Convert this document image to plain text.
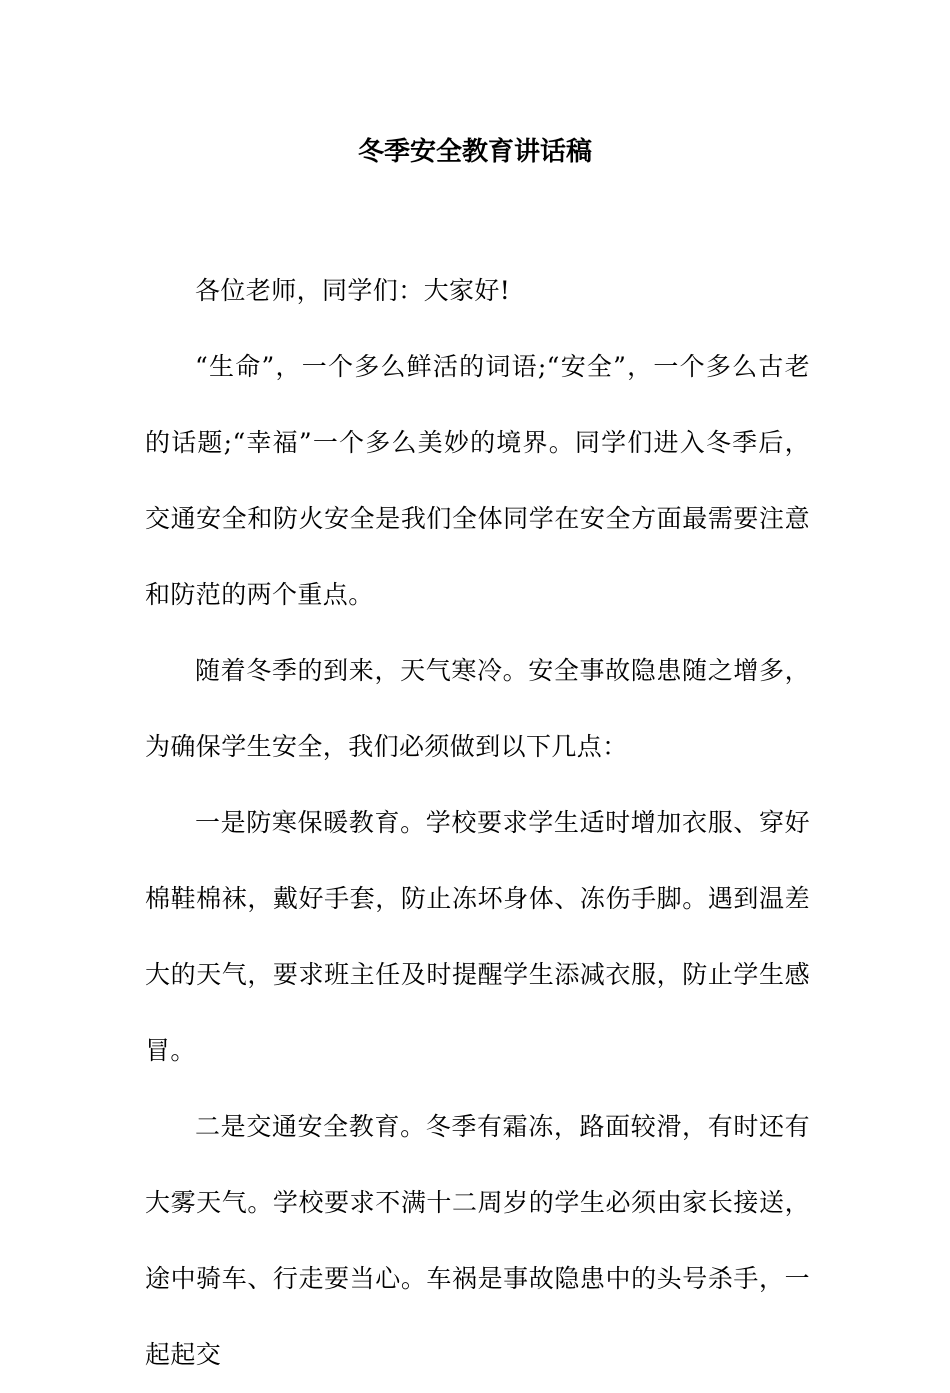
冬季安全教育讲话稿

各位老师，同学们：大家好!

“生命”，一个多么鲜活的词语;“安全”，一个多么古老的话题;“幸福”一个多么美妙的境界。同学们进入冬季后，交通安全和防火安全是我们全体同学在安全方面最需要注意和防范的两个重点。

随着冬季的到来，天气寒冷。安全事故隐患随之增多，为确保学生安全，我们必须做到以下几点：

一是防寒保暖教育。学校要求学生适时增加衣服、穿好棉鞋棉袜，戴好手套，防止冻坏身体、冻伤手脚。遇到温差大的天气，要求班主任及时提醒学生添减衣服，防止学生感冒。

二是交通安全教育。冬季有霜冻，路面较滑，有时还有大雾天气。学校要求不满十二周岁的学生必须由家长接送，途中骑车、行走要当心。车祸是事故隐患中的头号杀手，一起起交
